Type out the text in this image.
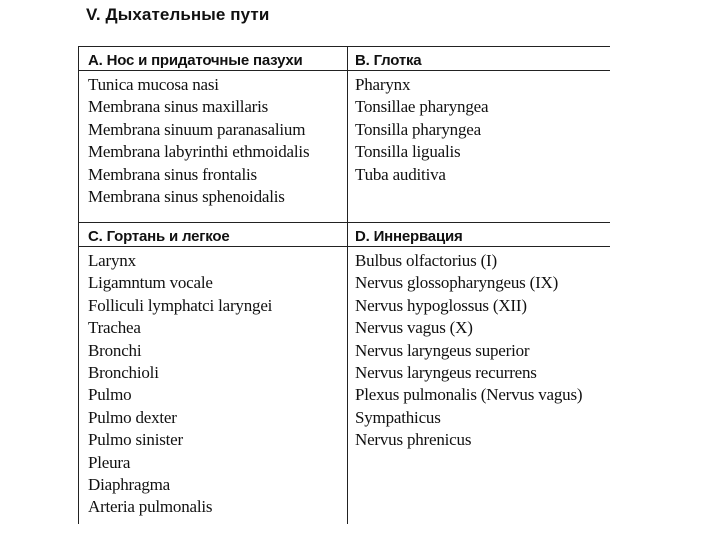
V. Дыхательные пути
A. Нос и придаточные пазухи
Tunica mucosa nasi
Membrana sinus maxillaris
Membrana sinuum paranasalium
Membrana labyrinthi ethmoidalis
Membrana sinus frontalis
Membrana sinus sphenoidalis
B. Глотка
Pharynx
Tonsillae pharyngea
Tonsilla pharyngea
Tonsilla ligualis
Tuba auditiva
C. Гортань и легкое
Larynx
Ligamntum vocale
Folliculi lymphatci laryngei
Trachea
Bronchi
Bronchioli
Pulmo
Pulmo dexter
Pulmo sinister
Pleura
Diaphragma
Arteria pulmonalis
D. Иннервация
Bulbus olfactorius (I)
Nervus glossopharyngeus (IX)
Nervus hypoglossus (XII)
Nervus vagus (X)
Nervus laryngeus superior
Nervus laryngeus recurrens
Plexus pulmonalis (Nervus vagus)
Sympathicus
Nervus phrenicus
